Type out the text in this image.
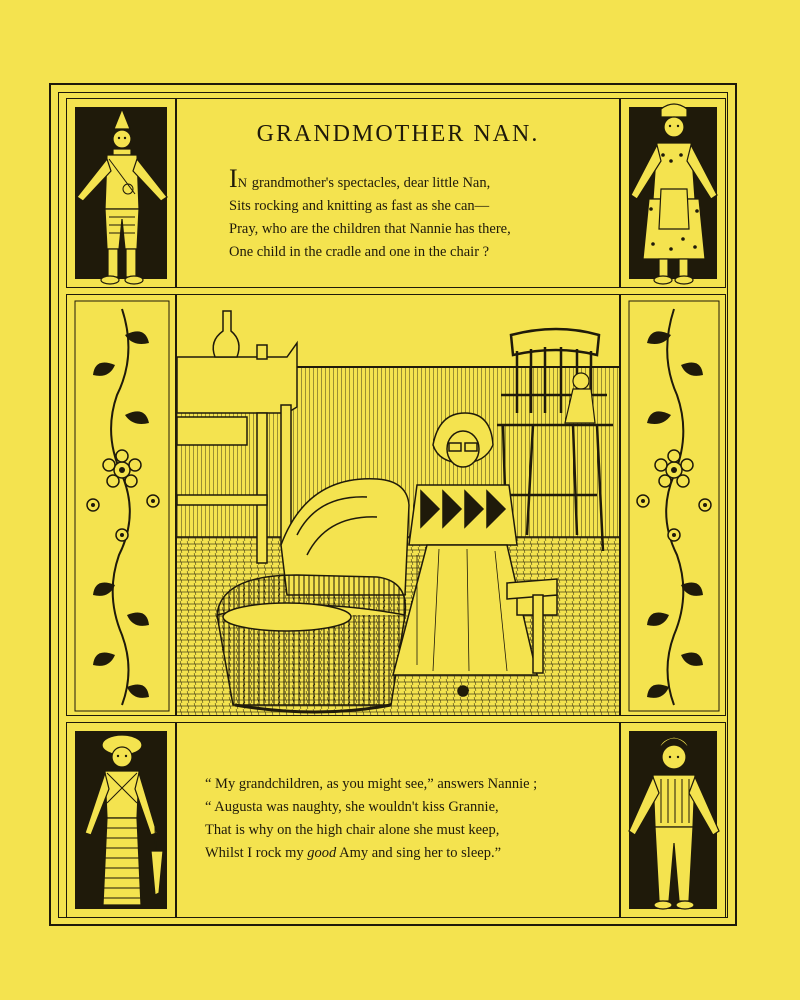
GRANDMOTHER NAN.
IN grandmother's spectacles, dear little Nan,
Sits rocking and knitting as fast as she can—
Pray, who are the children that Nannie has there,
One child in the cradle and one in the chair ?
“ My grandchildren, as you might see,” answers Nannie ;
“ Augusta was naughty, she wouldn't kiss Grannie,
That is why on the high chair alone she must keep,
Whilst I rock my good Amy and sing her to sleep.”
